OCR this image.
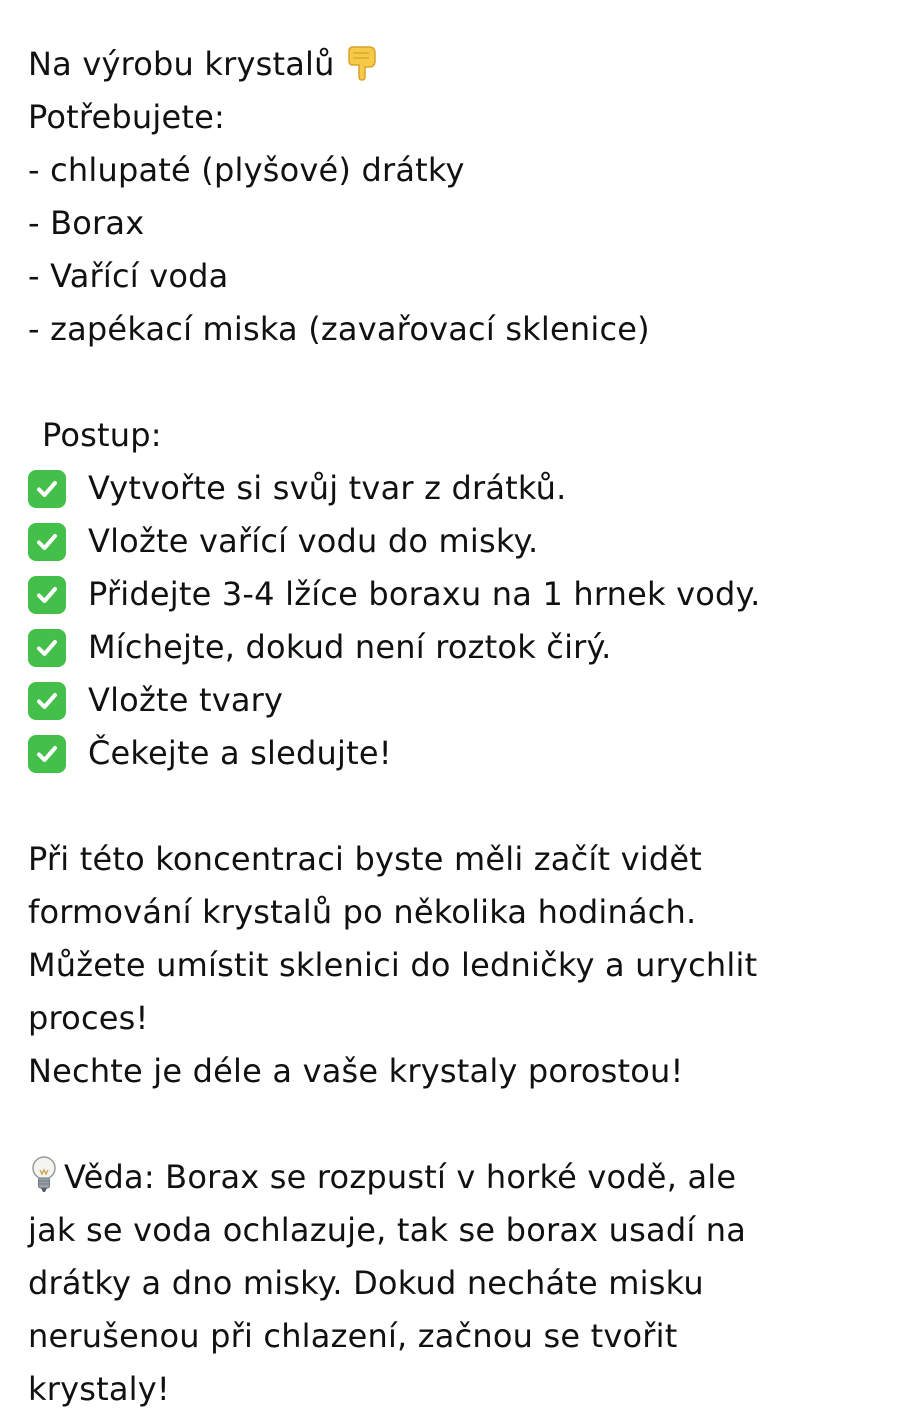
Na výrobu krystalů
Potřebujete:
- chlupaté (plyšové) drátky
- Borax
- Vařící voda
- zapékací miska (zavařovací sklenice)
Postup:
Vytvořte si svůj tvar z drátků.
Vložte vařící vodu do misky.
Přidejte 3-4 lžíce boraxu na 1 hrnek vody.
Míchejte, dokud není roztok čirý.
Vložte tvary
Čekejte a sledujte!
Při této koncentraci byste měli začít vidět
formování krystalů po několika hodinách.
Můžete umístit sklenici do ledničky a urychlit
proces!
Nechte je déle a vaše krystaly porostou!
Věda: Borax se rozpustí v horké vodě, ale
jak se voda ochlazuje, tak se borax usadí na
drátky a dno misky. Dokud necháte misku
nerušenou při chlazení, začnou se tvořit
krystaly!
